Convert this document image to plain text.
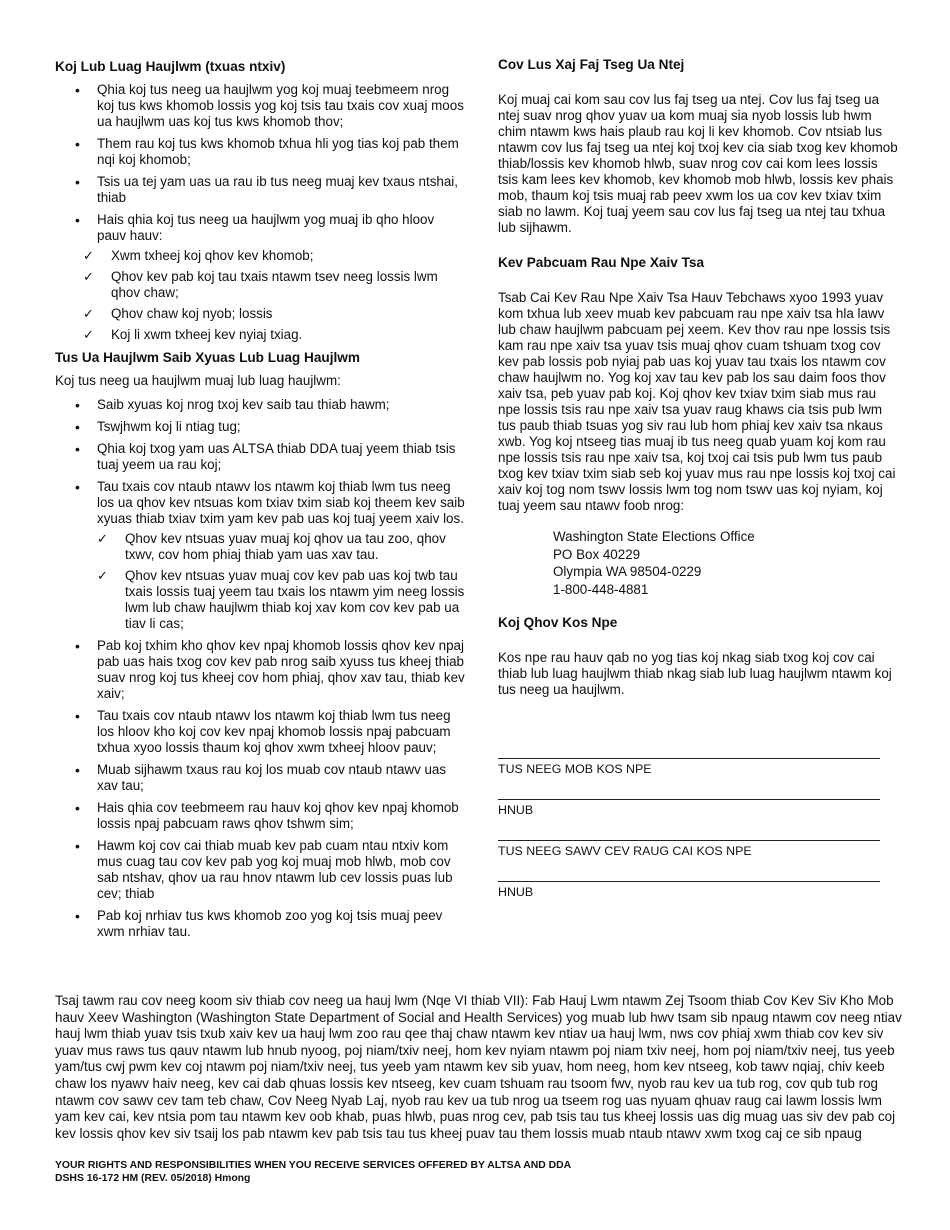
Koj Lub Luag Haujlwm (txuas ntxiv)
• Qhia koj tus neeg ua haujlwm yog koj muaj teebmeem nrog koj tus kws khomob lossis yog koj tsis tau txais cov xuaj moos ua haujlwm uas koj tus kws khomob thov;
• Them rau koj tus kws khomob txhua hli yog tias koj pab them nqi koj khomob;
• Tsis ua tej yam uas ua rau ib tus neeg muaj kev txaus ntshai, thiab
• Hais qhia koj tus neeg ua haujlwm yog muaj ib qho hloov pauv hauv:
✓ Xwm txheej koj qhov kev khomob;
✓ Qhov kev pab koj tau txais ntawm tsev neeg lossis lwm qhov chaw;
✓ Qhov chaw koj nyob; lossis
✓ Koj li xwm txheej kev nyiaj txiag.
Tus Ua Haujlwm Saib Xyuas Lub Luag Haujlwm

Koj tus neeg ua haujlwm muaj lub luag haujlwm:

• Saib xyuas koj nrog txoj kev saib tau thiab hawm;
• Tswjhwm koj li ntiag tug;
• Qhia koj txog yam uas ALTSA thiab DDA tuaj yeem thiab tsis tuaj yeem ua rau koj;
• Tau txais cov ntaub ntawv los ntawm koj thiab lwm tus neeg los ua qhov kev ntsuas kom txiav txim siab koj theem kev saib xyuas thiab txiav txim yam kev pab uas koj tuaj yeem xaiv los.
✓ Qhov kev ntsuas yuav muaj koj qhov ua tau zoo, qhov txwv, cov hom phiaj thiab yam uas xav tau.
✓ Qhov kev ntsuas yuav muaj cov kev pab uas koj twb tau txais lossis tuaj yeem tau txais los ntawm yim neeg lossis lwm lub chaw haujlwm thiab koj xav kom cov kev pab ua tiav li cas;
• Pab koj txhim kho qhov kev npaj khomob lossis qhov kev npaj pab uas hais txog cov kev pab nrog saib xyuss tus kheej thiab suav nrog koj tus kheej cov hom phiaj, qhov xav tau, thiab kev xaiv;
• Tau txais cov ntaub ntawv los ntawm koj thiab lwm tus neeg los hloov kho koj cov kev npaj khomob lossis npaj pabcuam txhua xyoo lossis thaum koj qhov xwm txheej hloov pauv;
• Muab sijhawm txaus rau koj los muab cov ntaub ntawv uas xav tau;
• Hais qhia cov teebmeem rau hauv koj qhov kev npaj khomob lossis npaj pabcuam raws qhov tshwm sim;
• Hawm koj cov cai thiab muab kev pab cuam ntau ntxiv kom mus cuag tau cov kev pab yog koj muaj mob hlwb, mob cov sab ntshav, qhov ua rau hnov ntawm lub cev lossis puas lub cev; thiab
• Pab koj nrhiav tus kws khomob zoo yog koj tsis muaj peev xwm nrhiav tau.
Cov Lus Xaj Faj Tseg Ua Ntej

Koj muaj cai kom sau cov lus faj tseg ua ntej. Cov lus faj tseg ua ntej suav nrog qhov yuav ua kom muaj sia nyob lossis lub hwm chim ntawm kws hais plaub rau koj li kev khomob. Cov ntsiab lus ntawm cov lus faj tseg ua ntej koj txoj kev cia siab txog kev khomob thiab/lossis kev khomob hlwb, suav nrog cov cai kom lees lossis tsis kam lees kev khomob, kev khomob mob hlwb, lossis kev phais mob, thaum koj tsis muaj rab peev xwm los ua cov kev txiav txim siab no lawm. Koj tuaj yeem sau cov lus faj tseg ua ntej tau txhua lub sijhawm.

Kev Pabcuam Rau Npe Xaiv Tsa

Tsab Cai Kev Rau Npe Xaiv Tsa Hauv Tebchaws xyoo 1993 yuav kom txhua lub xeev muab kev pabcuam rau npe xaiv tsa hla lawv lub chaw haujlwm pabcuam pej xeem. Kev thov rau npe lossis tsis kam rau npe xaiv tsa yuav tsis muaj qhov cuam tshuam txog cov kev pab lossis pob nyiaj pab uas koj yuav tau txais los ntawm cov chaw haujlwm no. Yog koj xav tau kev pab los sau daim foos thov xaiv tsa, peb yuav pab koj. Koj qhov kev txiav txim siab mus rau npe lossis tsis rau npe xaiv tsa yuav raug khaws cia tsis pub lwm tus paub thiab tsuas yog siv rau lub hom phiaj kev xaiv tsa nkaus xwb. Yog koj ntseeg tias muaj ib tus neeg quab yuam koj kom rau npe lossis tsis rau npe xaiv tsa, koj txoj cai tsis pub lwm tus paub txog kev txiav txim siab seb koj yuav mus rau npe lossis koj txoj cai xaiv koj tog nom tswv lossis lwm tog nom tswv uas koj nyiam, koj tuaj yeem sau ntawv foob nrog:

Washington State Elections Office
PO Box 40229
Olympia WA 98504-0229
1-800-448-4881
Koj Qhov Kos Npe

Kos npe rau hauv qab no yog tias koj nkag siab txog koj cov cai thiab lub luag haujlwm thiab nkag siab lub luag haujlwm ntawm koj tus neeg ua haujlwm.

TUS NEEG MOB KOS NPE

HNUB

TUS NEEG SAWV CEV RAUG CAI KOS NPE

HNUB

Tsaj tawm rau cov neeg koom siv thiab cov neeg ua hauj lwm (Nqe VI thiab VII): Fab Hauj Lwm ntawm Zej Tsoom thiab Cov Kev Siv Kho Mob hauv Xeev Washington (Washington State Department of Social and Health Services) yog muab lub hwv tsam sib npaug ntawm cov neeg ntiav hauj lwm thiab yuav tsis txub xaiv kev ua hauj lwm zoo rau qee thaj chaw ntawm kev ntiav ua hauj lwm, nws cov phiaj xwm thiab cov kev siv yuav mus raws tus qauv ntawm lub hnub nyoog, poj niam/txiv neej, hom kev nyiam ntawm poj niam txiv neej, hom poj niam/txiv neej, tus yeeb yam/tus cwj pwm kev coj ntawm poj niam/txiv neej, tus yeeb yam ntawm kev sib yuav, hom neeg, hom kev ntseeg, kob tawv nqiaj, chiv keeb chaw los nyawv haiv neeg, kev cai dab qhuas lossis kev ntseeg, kev cuam tshuam rau tsoom fwv, nyob rau kev ua tub rog, cov qub tub rog ntawm cov sawv cev tam teb chaw, Cov Neeg Nyab Laj, nyob rau kev ua tub nrog ua tseem rog uas nyuam qhuav raug cai lawm lossis lwm yam kev cai, kev ntsia pom tau ntawm kev oob khab, puas hlwb, puas nrog cev, pab tsis tau tus kheej lossis uas dig muag uas siv dev pab coj kev lossis qhov kev siv tsaij los pab ntawm kev pab tsis tau tus kheej puav tau them lossis muab ntaub ntawv xwm txog caj ce sib npaug

YOUR RIGHTS AND RESPONSIBILITIES WHEN YOU RECEIVE SERVICES OFFERED BY ALTSA AND DDA
DSHS 16-172 HM (REV. 05/2018) Hmong
